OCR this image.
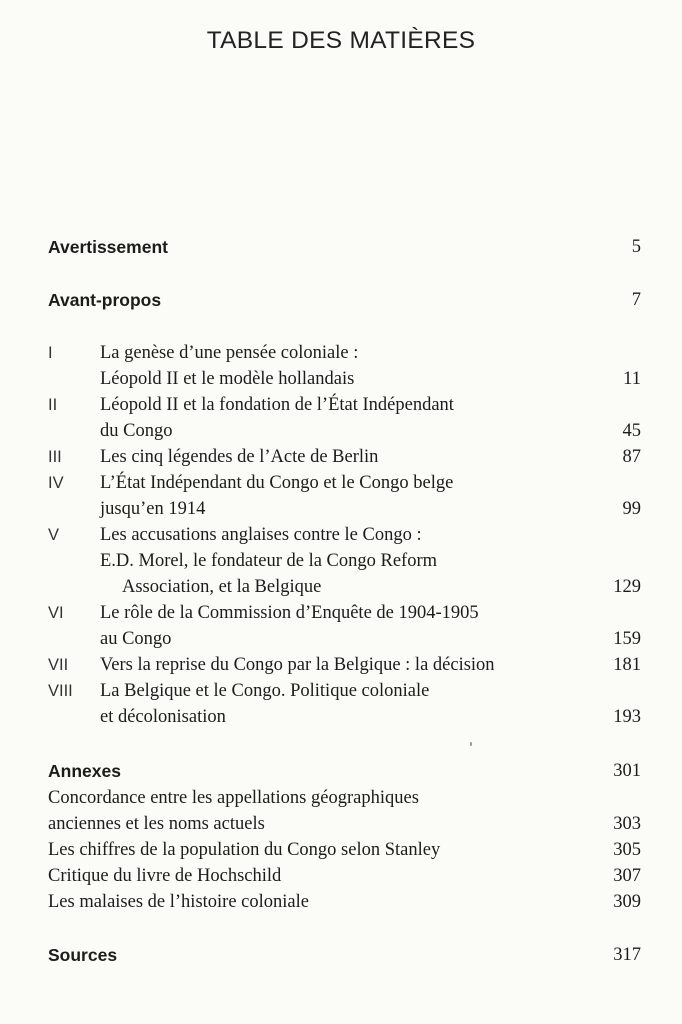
TABLE DES MATIÈRES
Avertissement	5
Avant-propos	7
I	La genèse d’une pensée coloniale :
Léopold II et le modèle hollandais	11
II Léopold II et la fondation de l’État Indépendant
du Congo	45
III Les cinq légendes de l’Acte de Berlin	87
IV L’État Indépendant du Congo et le Congo belge
jusqu’en 1914	99
V Les accusations anglaises contre le Congo :
E.D. Morel, le fondateur de la Congo Reform
Association, et la Belgique	129
VI Le rôle de la Commission d’Enquête de 1904-1905
au Congo	159
VII Vers la reprise du Congo par la Belgique : la décision	181
VIII La Belgique et le Congo. Politique coloniale
et décolonisation	193
Annexes	301
Concordance entre les appellations géographiques
anciennes et les noms actuels	303
Les chiffres de la population du Congo selon Stanley	305
Critique du livre de Hochschild	307
Les malaises de l’histoire coloniale	309
Sources	317
